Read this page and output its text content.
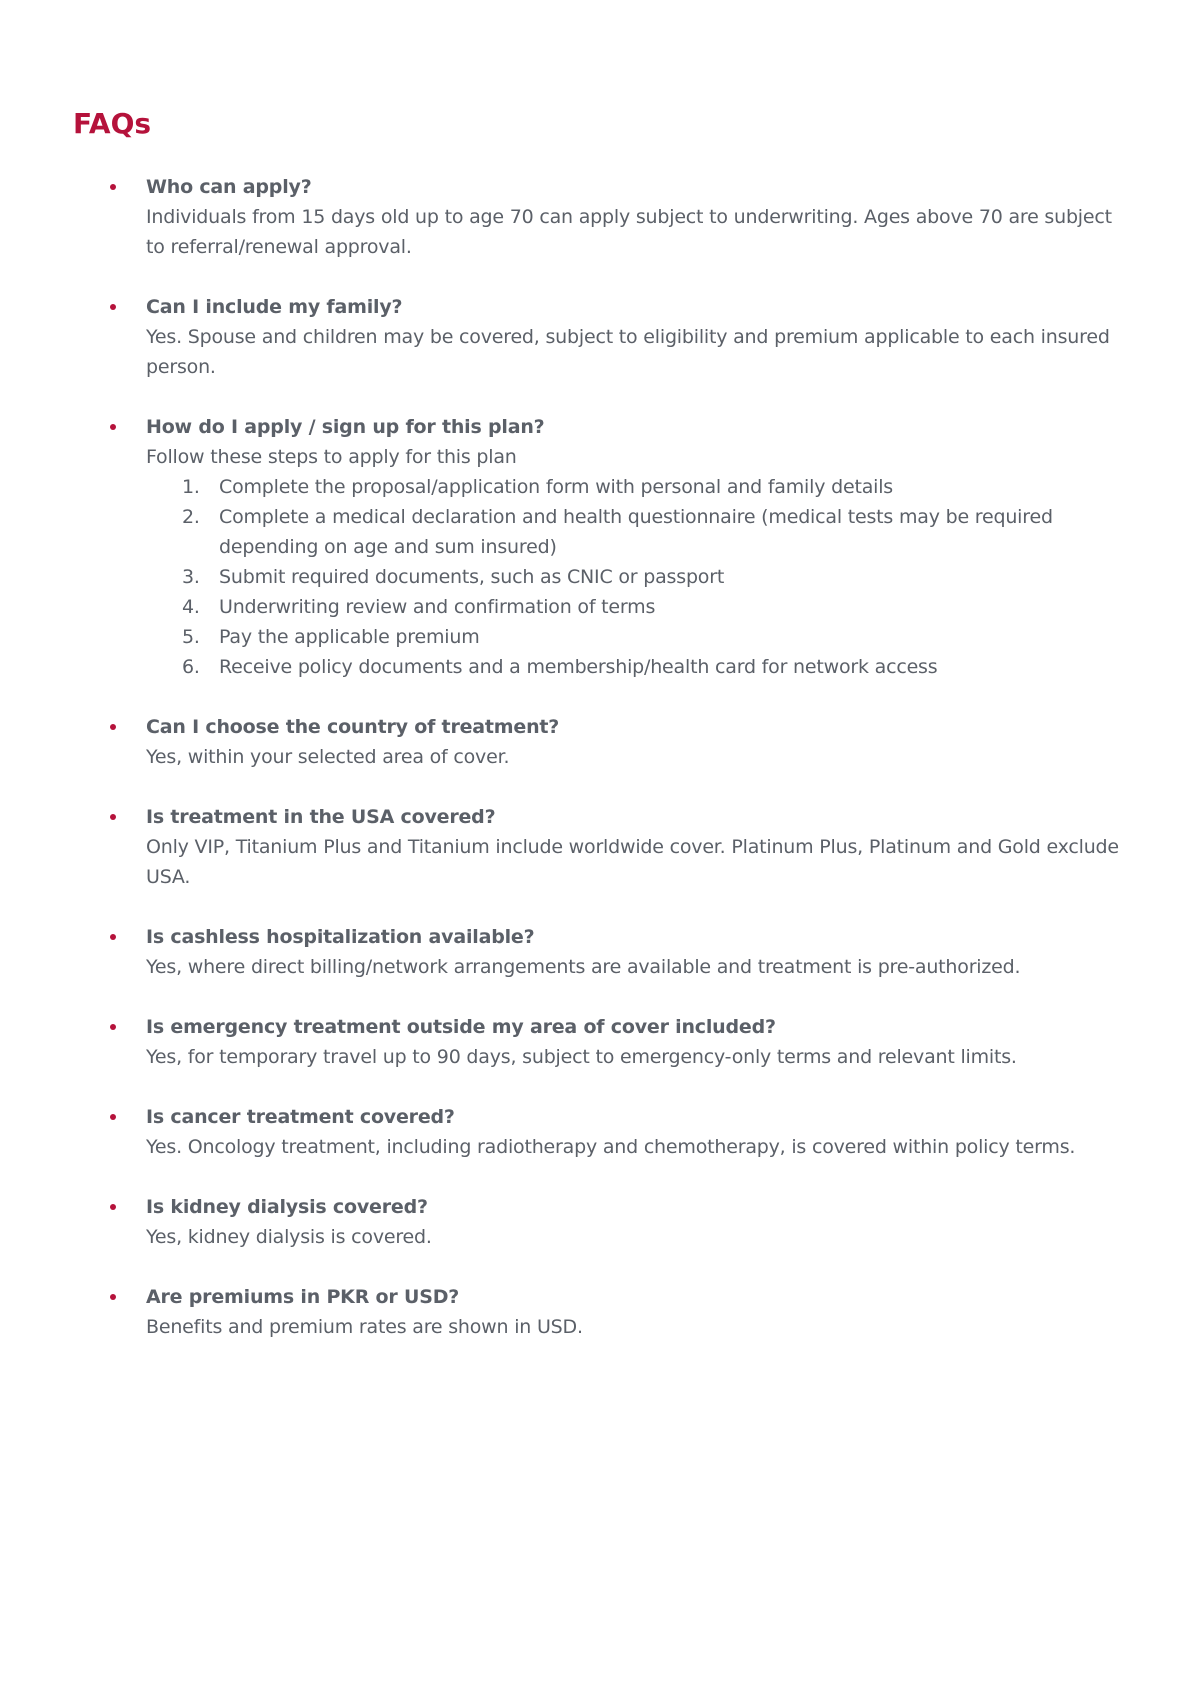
FAQs
Who can apply?

Individuals from 15 days old up to age 70 can apply subject to underwriting. Ages above 70 are subject to referral/renewal approval.

Can I include my family?

Yes. Spouse and children may be covered, subject to eligibility and premium applicable to each insured person.

How do I apply / sign up for this plan?

Follow these steps to apply for this plan

1. Complete the proposal/application form with personal and family details
2. Complete a medical declaration and health questionnaire (medical tests may be required depending on age and sum insured)
3. Submit required documents, such as CNIC or passport
4. Underwriting review and confirmation of terms
5. Pay the applicable premium
6. Receive policy documents and a membership/health card for network access
Can I choose the country of treatment?

Yes, within your selected area of cover.

Is treatment in the USA covered?

Only VIP, Titanium Plus and Titanium include worldwide cover. Platinum Plus, Platinum and Gold exclude USA.

Is cashless hospitalization available?

Yes, where direct billing/network arrangements are available and treatment is pre-authorized.

Is emergency treatment outside my area of cover included?

Yes, for temporary travel up to 90 days, subject to emergency-only terms and relevant limits.

Is cancer treatment covered?

Yes. Oncology treatment, including radiotherapy and chemotherapy, is covered within policy terms.

Is kidney dialysis covered?

Yes, kidney dialysis is covered.

Are premiums in PKR or USD?

Benefits and premium rates are shown in USD.
